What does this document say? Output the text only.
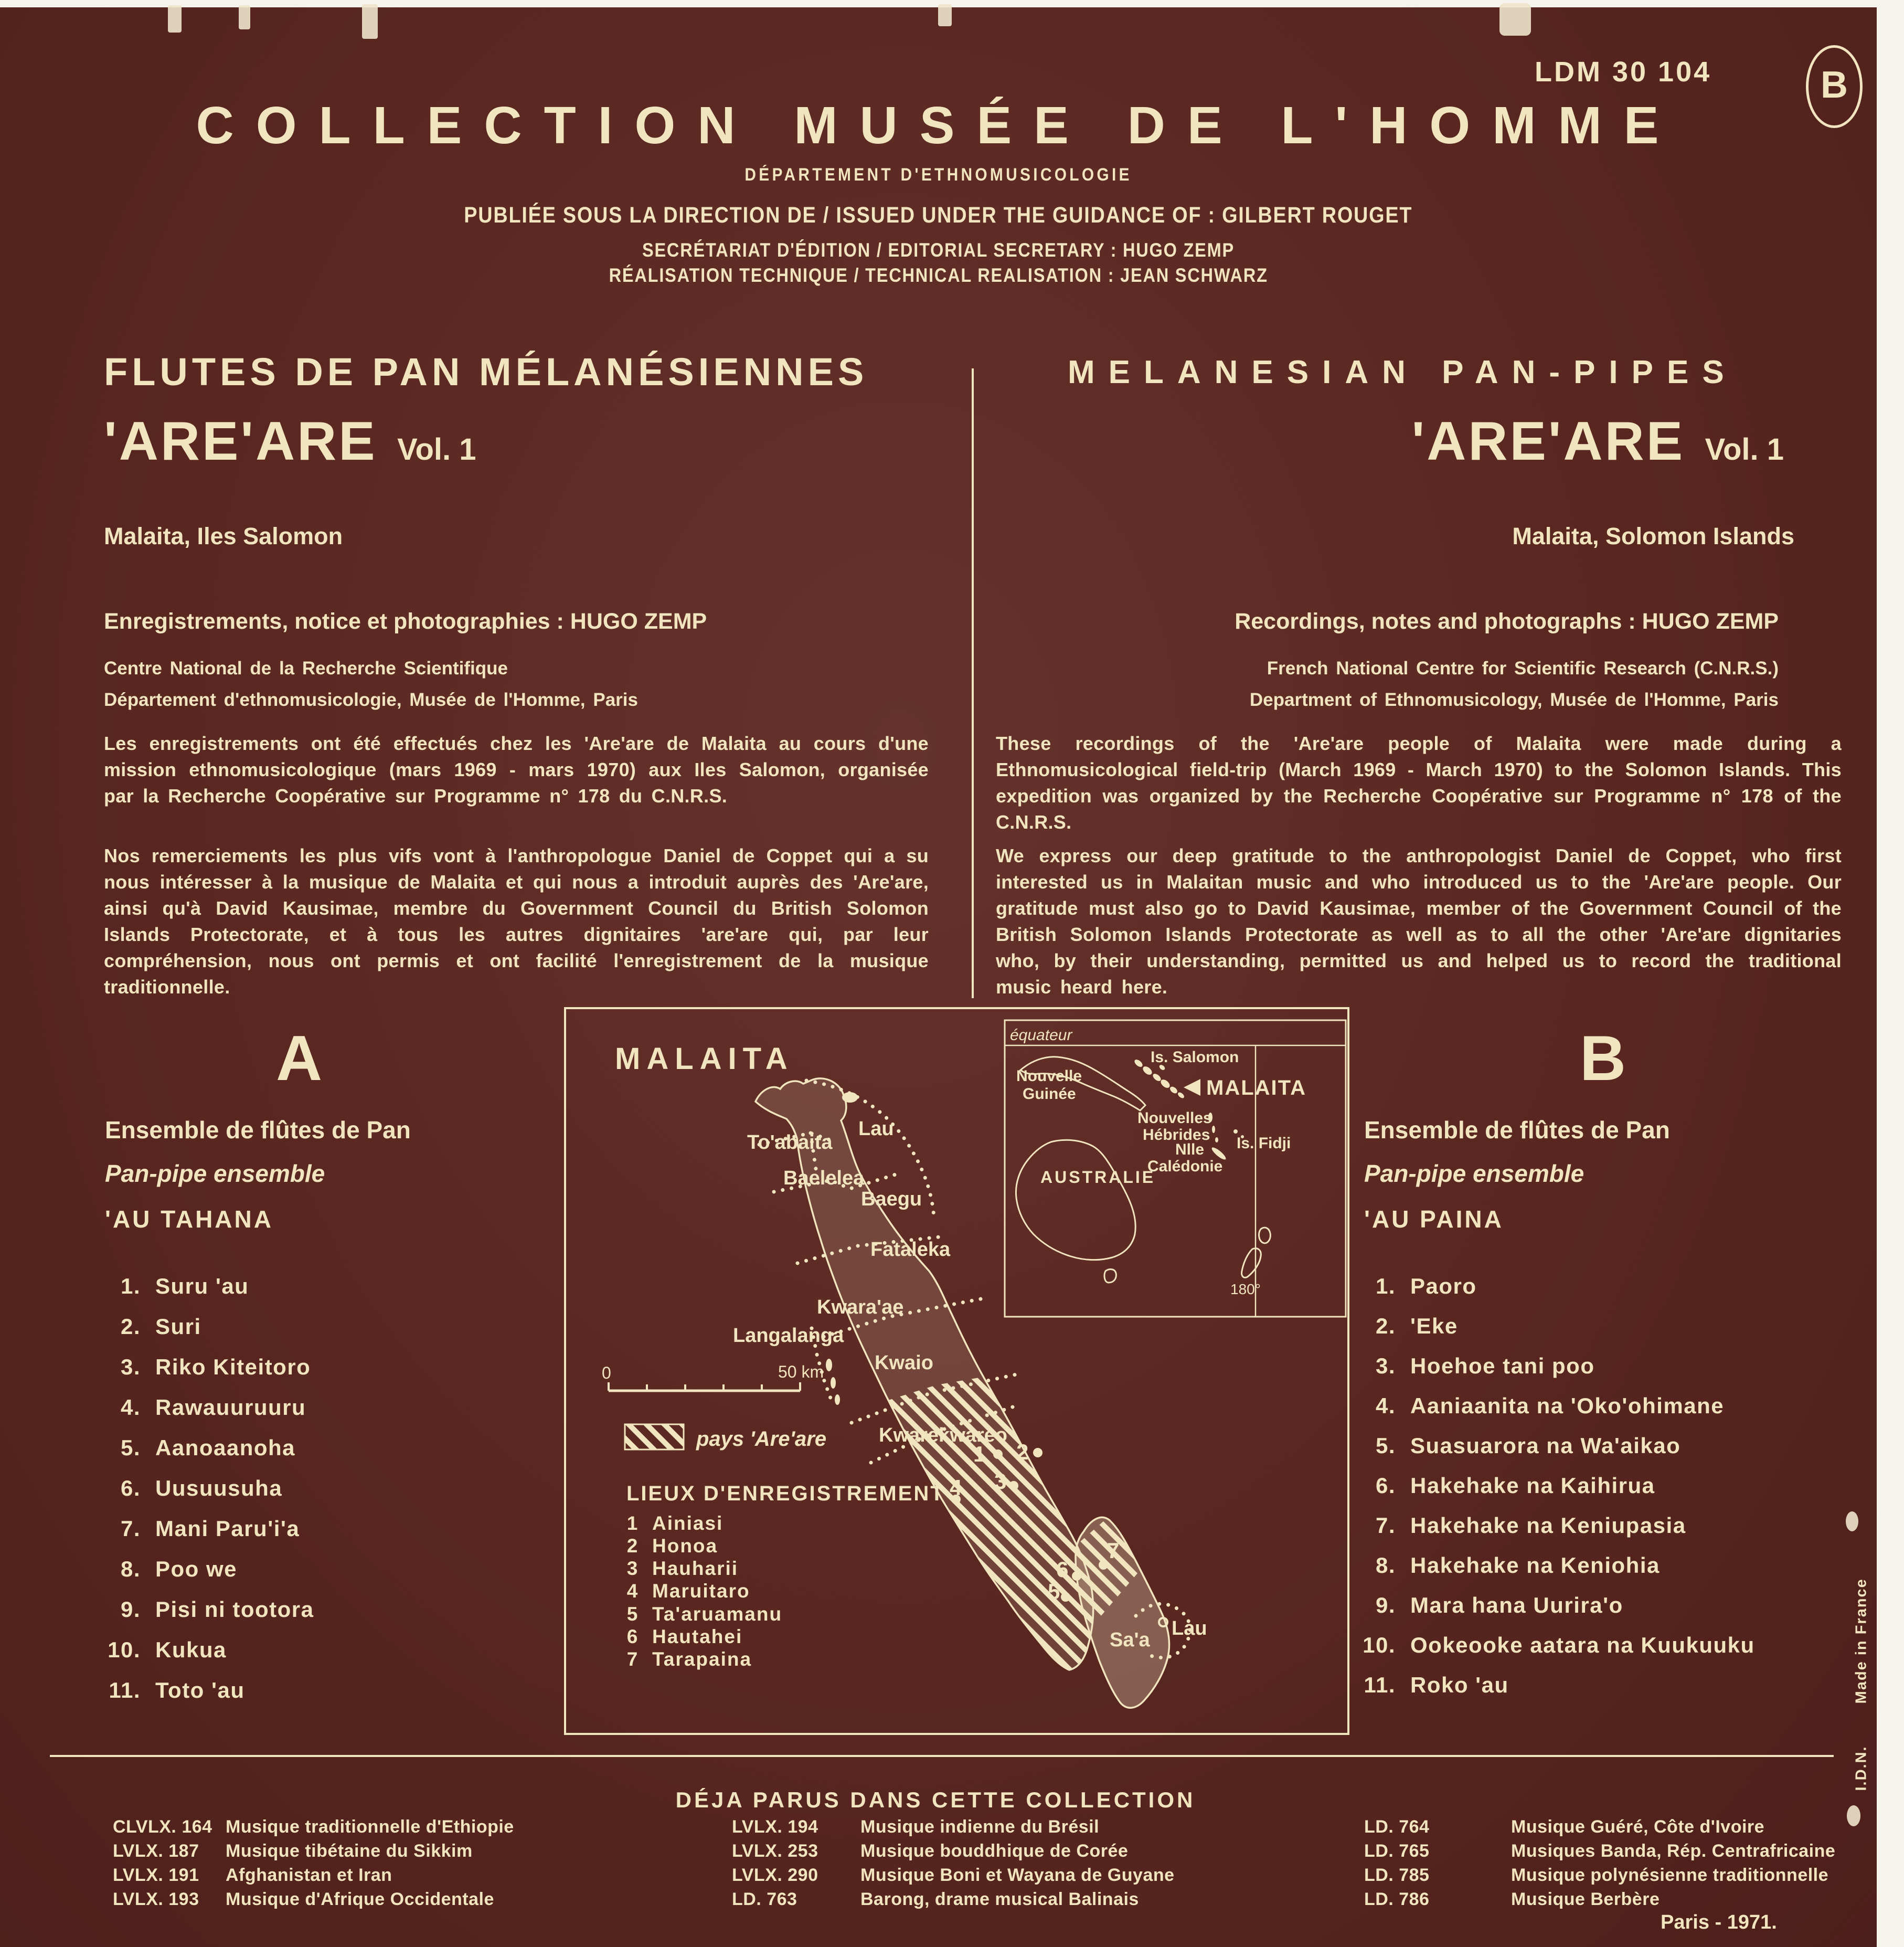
LDM 30 104	B
COLLECTION MUSÉE DE L'HOMME
DÉPARTEMENT D'ETHNOMUSICOLOGIE
PUBLIÉE SOUS LA DIRECTION DE / ISSUED UNDER THE GUIDANCE OF : GILBERT ROUGET
SECRÉTARIAT D'ÉDITION / EDITORIAL SECRETARY : HUGO ZEMP
RÉALISATION TECHNIQUE / TECHNICAL REALISATION : JEAN SCHWARZ
FLUTES DE PAN MÉLANÉSIENNES
'ARE'ARE Vol. 1
Malaita, Iles Salomon
Enregistrements, notice et photographies : HUGO ZEMP
Centre National de la Recherche Scientifique
Département d'ethnomusicologie, Musée de l'Homme, Paris
Les enregistrements ont été effectués chez les 'Are'are de Malaita au cours d'une mission ethnomusicologique (mars 1969 - mars 1970) aux Iles Salomon, organisée par la Recherche Coopérative sur Programme n° 178 du C.N.R.S.
Nos remerciements les plus vifs vont à l'anthropologue Daniel de Coppet qui a su nous intéresser à la musique de Malaita et qui nous a introduit auprès des 'Are'are, ainsi qu'à David Kausimae, membre du Government Council du British Solomon Islands Protectorate, et à tous les autres dignitaires 'are'are qui, par leur compréhension, nous ont permis et ont facilité l'enregistrement de la musique traditionnelle.
MELANESIAN PAN-PIPES
'ARE'ARE Vol. 1
Malaita, Solomon Islands
Recordings, notes and photographs : HUGO ZEMP
French National Centre for Scientific Research (C.N.R.S.)
Department of Ethnomusicology, Musée de l'Homme, Paris
These recordings of the 'Are'are people of Malaita were made during a Ethnomusicological field-trip (March 1969 - March 1970) to the Solomon Islands. This expedition was organized by the Recherche Coopérative sur Programme n° 178 of the C.N.R.S.
We express our deep gratitude to the anthropologist Daniel de Coppet, who first interested us in Malaitan music and who introduced us to the 'Are'are people. Our gratitude must also go to David Kausimae, member of the Government Council of the British Solomon Islands Protectorate as well as to all the other 'Are'are dignitaries who, by their understanding, permitted us and helped us to record the traditional music heard here.
A
Ensemble de flûtes de Pan
Pan-pipe ensemble
'AU TAHANA
1. Suru 'au
2. Suri
3. Riko Kiteitoro
4. Rawauuruuru
5. Aanoaanoha
6. Uusuusuha
7. Mani Paru'i'a
8. Poo we
9. Pisi ni tootora
10. Kukua
11. Toto 'au
B
Ensemble de flûtes de Pan
Pan-pipe ensemble
'AU PAINA
1. Paoro
2. 'Eke
3. Hoehoe tani poo
4. Aaniaanita na 'Oko'ohimane
5. Suasuarora na Wa'aikao
6. Hakehake na Kaihirua
7. Hakehake na Keniupasia
8. Hakehake na Keniohia
9. Mara hana Uurira'o
10. Ookeooke aatara na Kuukuuku
11. Roko 'au
MALAITA
To'abaita
Lau
Baelelea
Baegu
Fataleka
Kwara'ae
Langalanga
Kwaio
Kwarekwareo
Sa'a
Lau
1 2
3
4
5
6
7
0	50 km
pays 'Are'are
LIEUX D'ENREGISTREMENT
1 Ainiasi
2 Honoa
3 Hauharii
4 Maruitaro
5 Ta'aruamanu
6 Hautahei
7 Tarapaina
équateur
180°
Is. Salomon
Nouvelle
Guinée	MALAITA
Nouvelles
Hébrides
Nlle
Calédonie
Is. Fidji
AUSTRALIE
DÉJA PARUS DANS CETTE COLLECTION
CLVLX. 164 Musique traditionnelle d'Ethiopie
LVLX. 187 Musique tibétaine du Sikkim
LVLX. 191 Afghanistan et Iran
LVLX. 193 Musique d'Afrique Occidentale
LVLX. 194 Musique indienne du Brésil
LVLX. 253 Musique bouddhique de Corée
LVLX. 290 Musique Boni et Wayana de Guyane
LD. 763	Barong, drame musical Balinais
LD. 764	Musique Guéré, Côte d'Ivoire
LD. 765	Musiques Banda, Rép. Centrafricaine
LD. 785	Musique polynésienne traditionnelle
LD. 786	Musique Berbère
Paris - 1971.
I.D.N. Made in France
